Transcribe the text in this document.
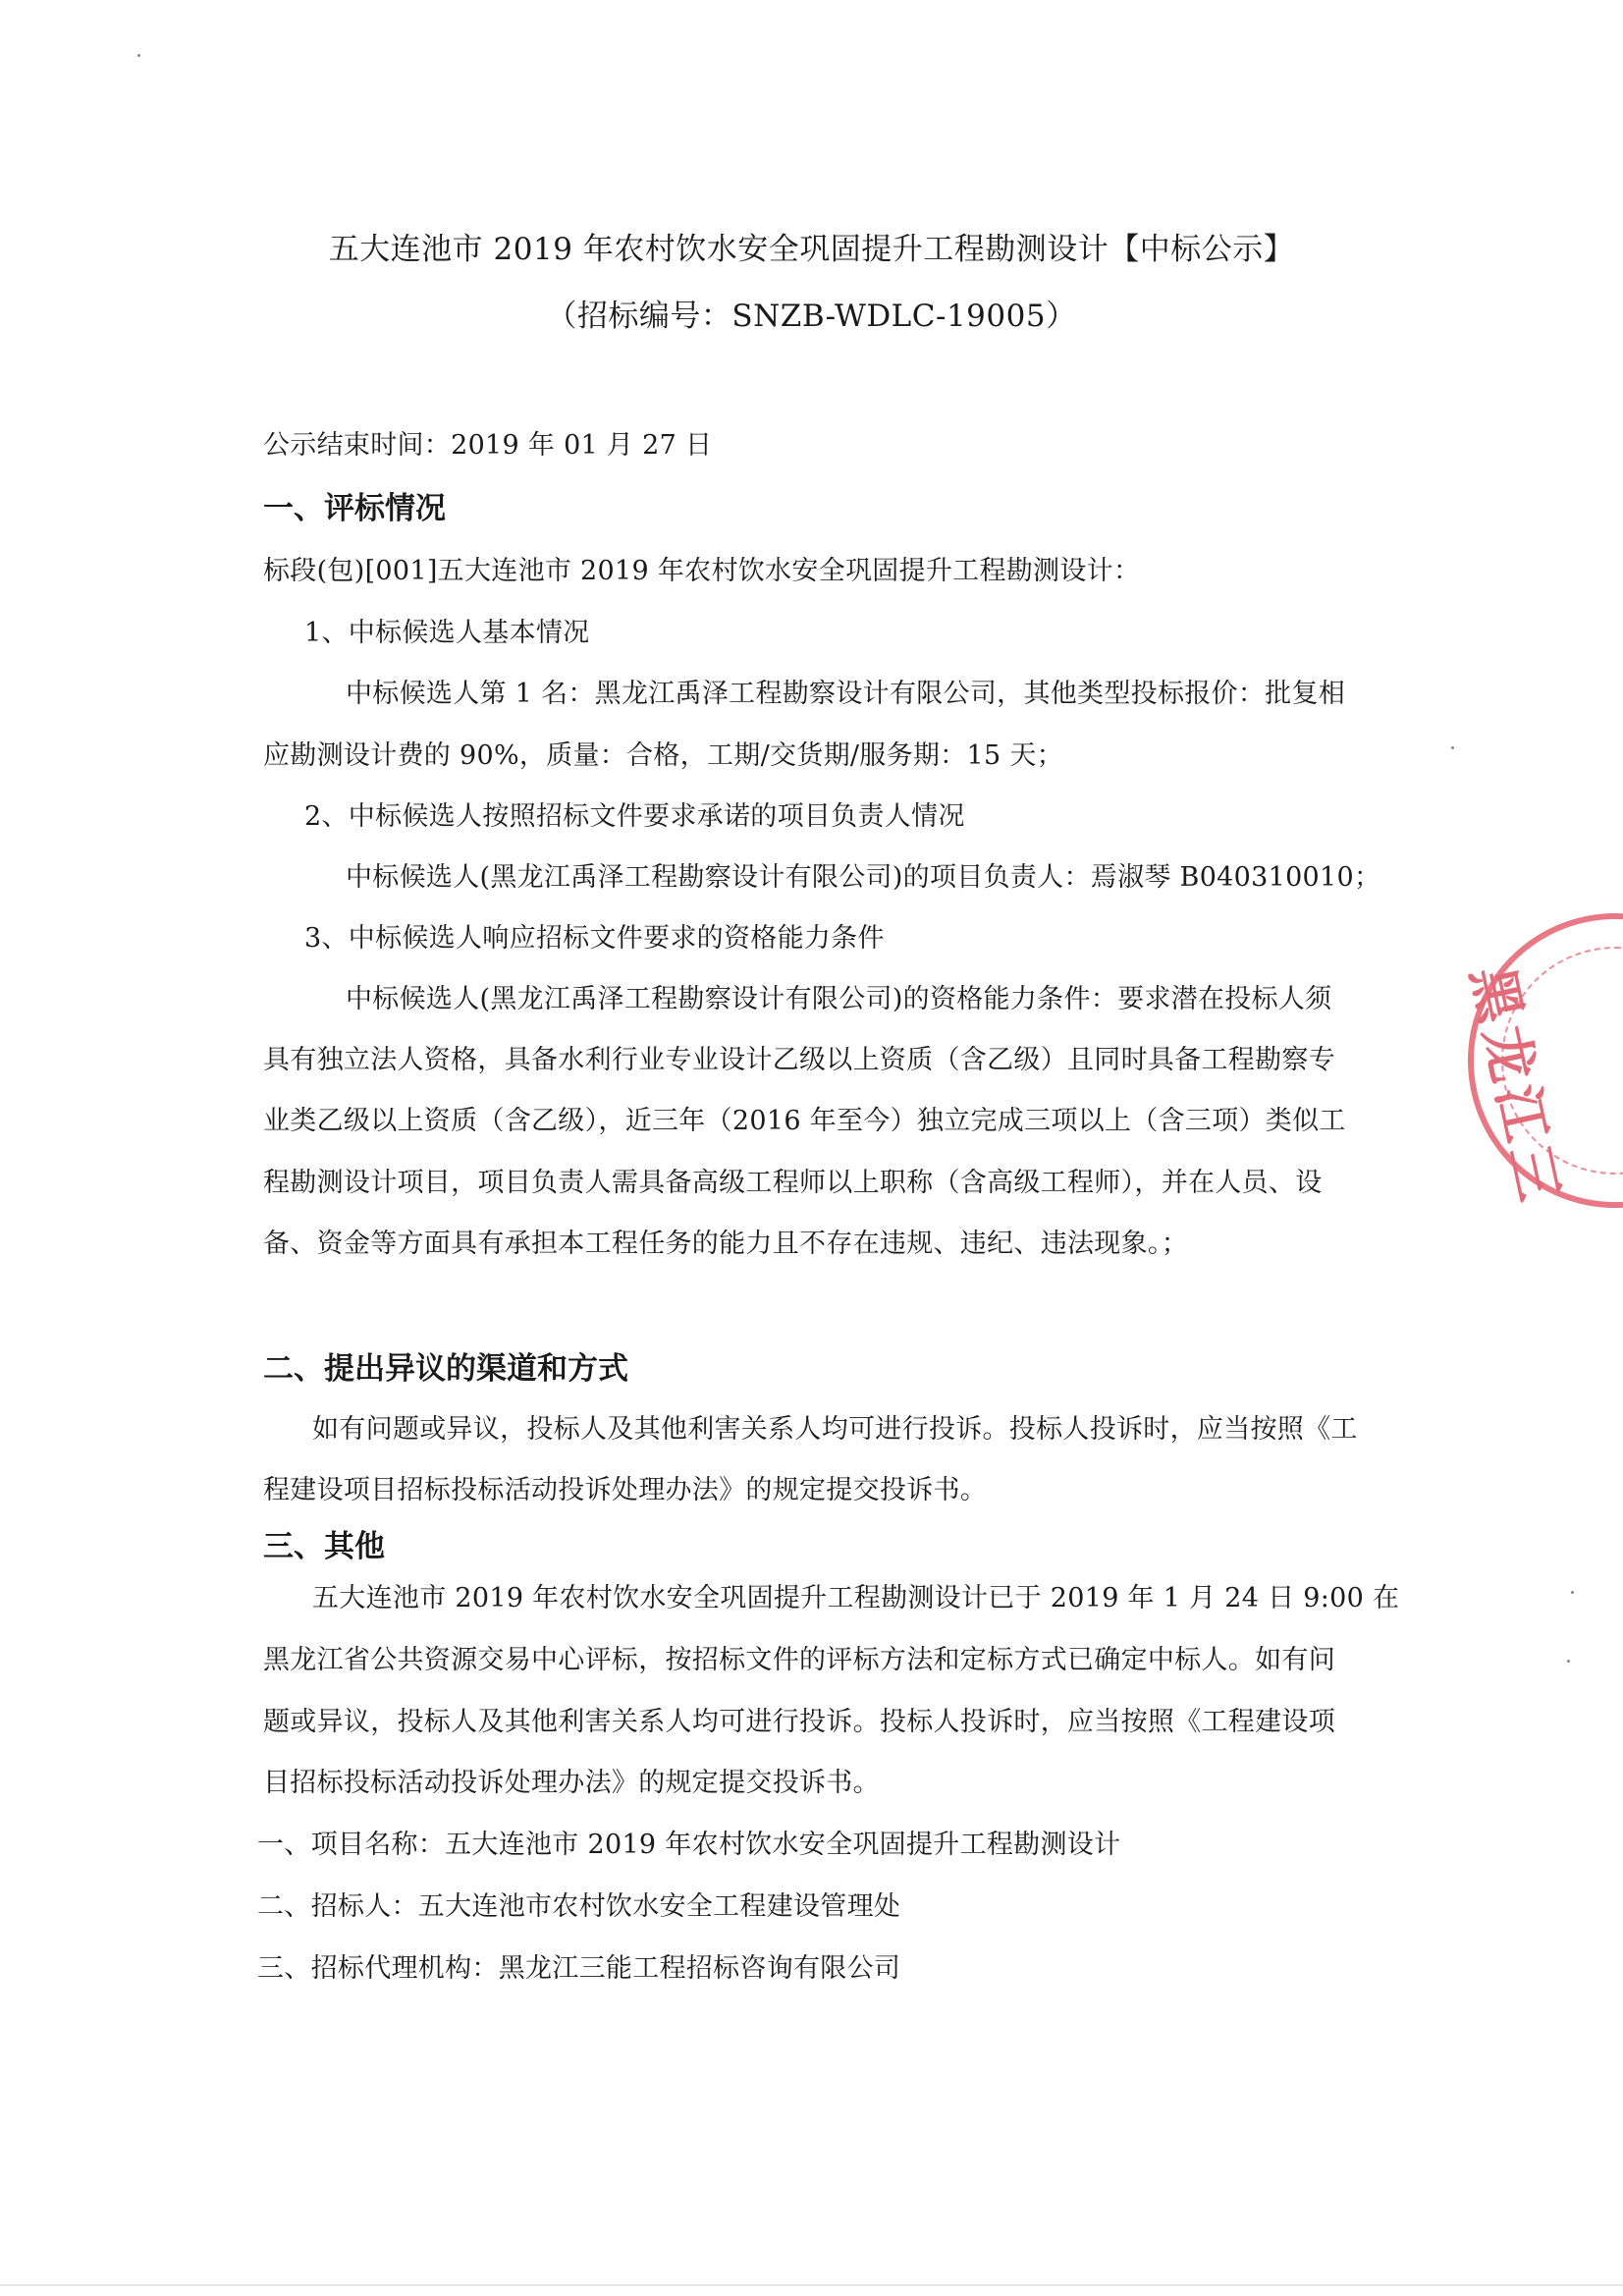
五大连池市 2019 年农村饮水安全巩固提升工程勘测设计【中标公示】
（招标编号：SNZB-WDLC-19005）
公示结束时间：2019 年 01 月 27 日
一、评标情况
标段(包)[001]五大连池市 2019 年农村饮水安全巩固提升工程勘测设计：
1、中标候选人基本情况
中标候选人第 1 名：黑龙江禹泽工程勘察设计有限公司，其他类型投标报价：批复相
应勘测设计费的 90%，质量：合格，工期/交货期/服务期：15 天；
2、中标候选人按照招标文件要求承诺的项目负责人情况
中标候选人(黑龙江禹泽工程勘察设计有限公司)的项目负责人：焉淑琴 B040310010；
3、中标候选人响应招标文件要求的资格能力条件
中标候选人(黑龙江禹泽工程勘察设计有限公司)的资格能力条件：要求潜在投标人须
具有独立法人资格，具备水利行业专业设计乙级以上资质（含乙级）且同时具备工程勘察专
业类乙级以上资质（含乙级），近三年（2016 年至今）独立完成三项以上（含三项）类似工
程勘测设计项目，项目负责人需具备高级工程师以上职称（含高级工程师），并在人员、设
备、资金等方面具有承担本工程任务的能力且不存在违规、违纪、违法现象。；
二、提出异议的渠道和方式
如有问题或异议，投标人及其他利害关系人均可进行投诉。投标人投诉时，应当按照《工
程建设项目招标投标活动投诉处理办法》的规定提交投诉书。
三、其他
五大连池市 2019 年农村饮水安全巩固提升工程勘测设计已于 2019 年 1 月 24 日 9:00 在
黑龙江省公共资源交易中心评标，按招标文件的评标方法和定标方式已确定中标人。如有问
题或异议，投标人及其他利害关系人均可进行投诉。投标人投诉时，应当按照《工程建设项
目招标投标活动投诉处理办法》的规定提交投诉书。
一、项目名称：五大连池市 2019 年农村饮水安全巩固提升工程勘测设计
二、招标人：五大连池市农村饮水安全工程建设管理处
三、招标代理机构：黑龙江三能工程招标咨询有限公司
黑龙江三
